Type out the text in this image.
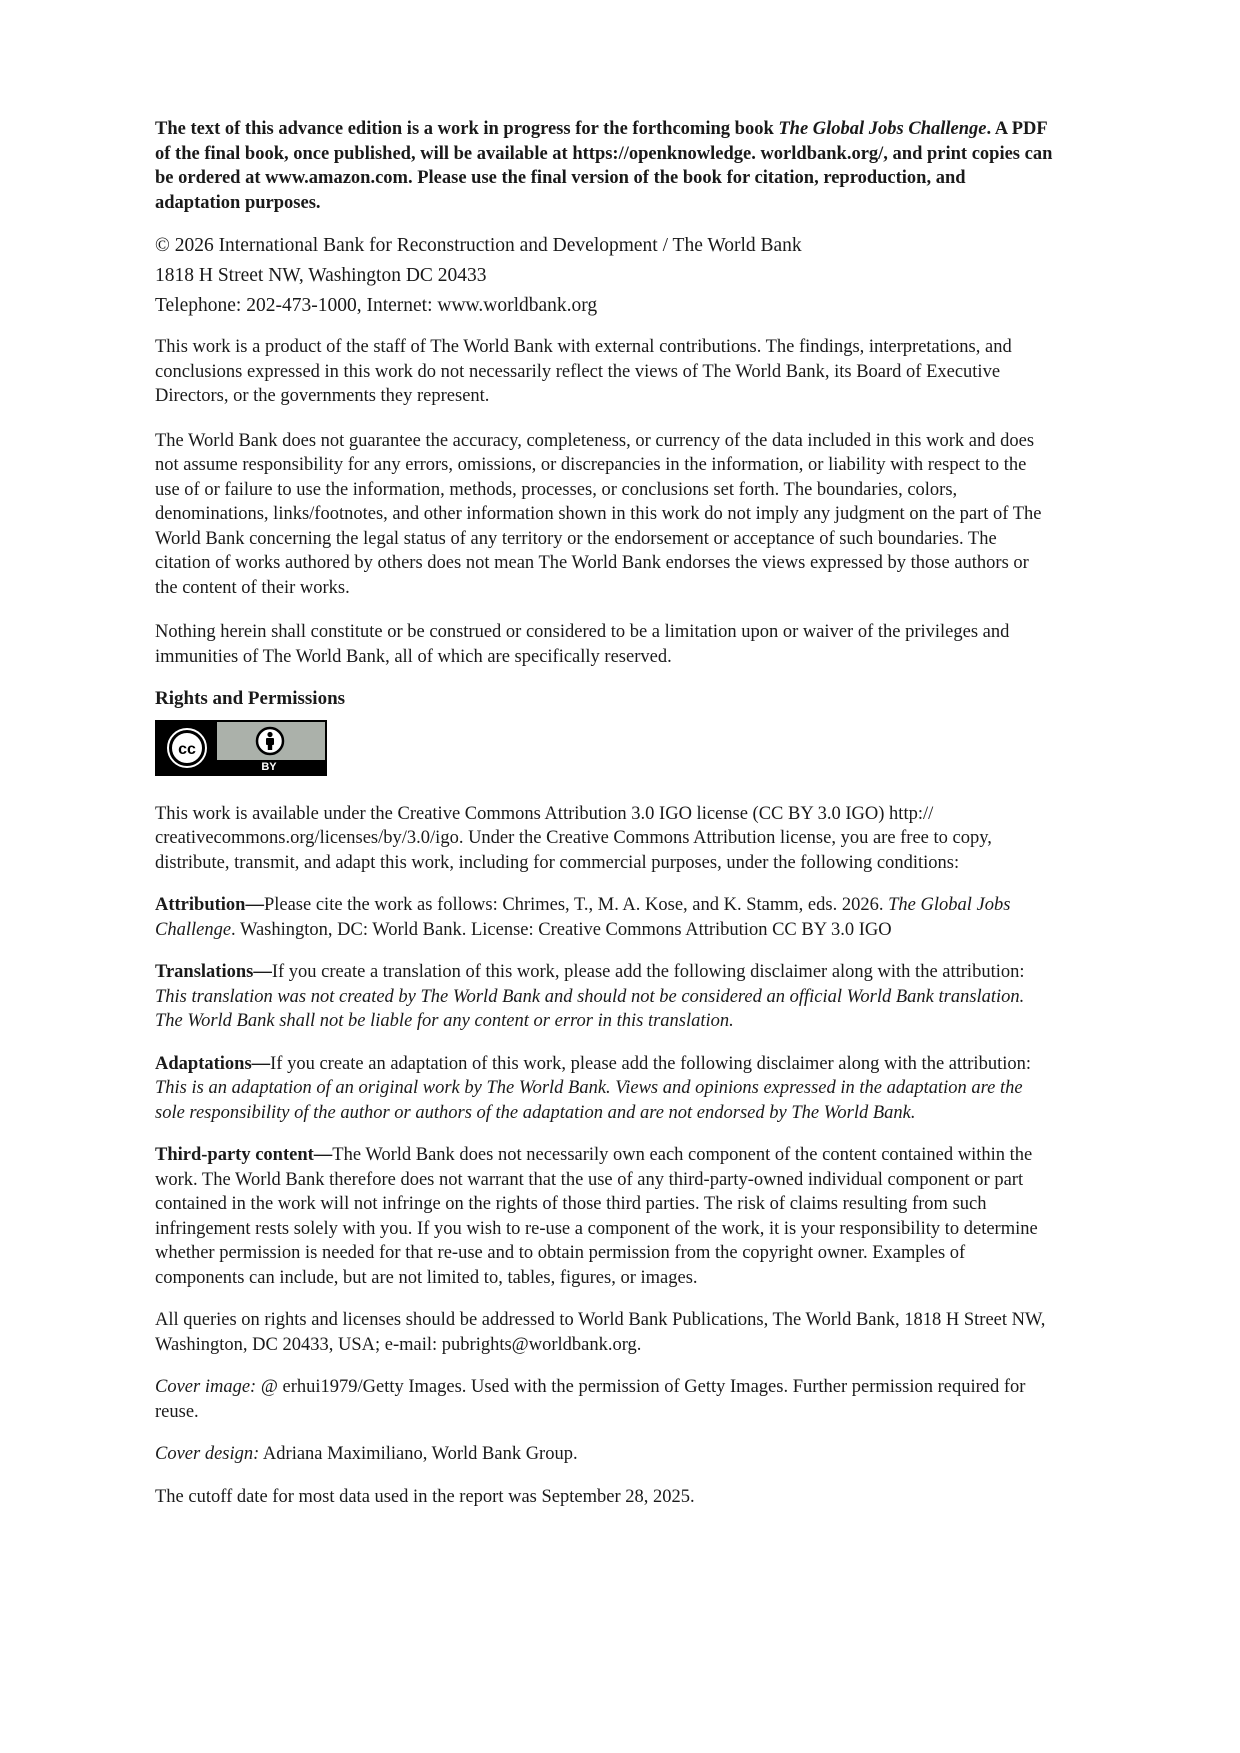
The text of this advance edition is a work in progress for the forthcoming book The Global Jobs Challenge. A PDF of the final book, once published, will be available at https://openknowledge. worldbank.org/, and print copies can be ordered at www.amazon.com. Please use the final version of the book for citation, reproduction, and adaptation purposes.

© 2026 International Bank for Reconstruction and Development / The World Bank
1818 H Street NW, Washington DC 20433
Telephone: 202-473-1000, Internet: www.worldbank.org

This work is a product of the staff of The World Bank with external contributions. The findings, interpretations, and conclusions expressed in this work do not necessarily reflect the views of The World Bank, its Board of Executive Directors, or the governments they represent.

The World Bank does not guarantee the accuracy, completeness, or currency of the data included in this work and does not assume responsibility for any errors, omissions, or discrepancies in the information, or liability with respect to the use of or failure to use the information, methods, processes, or conclusions set forth. The boundaries, colors, denominations, links/footnotes, and other information shown in this work do not imply any judgment on the part of The World Bank concerning the legal status of any territory or the endorsement or acceptance of such boundaries. The citation of works authored by others does not mean The World Bank endorses the views expressed by those authors or the content of their works.

Nothing herein shall constitute or be construed or considered to be a limitation upon or waiver of the privileges and immunities of The World Bank, all of which are specifically reserved.

Rights and Permissions

cc
BY

This work is available under the Creative Commons Attribution 3.0 IGO license (CC BY 3.0 IGO) http:// creativecommons.org/licenses/by/3.0/igo. Under the Creative Commons Attribution license, you are free to copy, distribute, transmit, and adapt this work, including for commercial purposes, under the following conditions:

Attribution—Please cite the work as follows: Chrimes, T., M. A. Kose, and K. Stamm, eds. 2026. The Global Jobs Challenge. Washington, DC: World Bank. License: Creative Commons Attribution CC BY 3.0 IGO

Translations—If you create a translation of this work, please add the following disclaimer along with the attribution: This translation was not created by The World Bank and should not be considered an official World Bank translation. The World Bank shall not be liable for any content or error in this translation.

Adaptations—If you create an adaptation of this work, please add the following disclaimer along with the attribution: This is an adaptation of an original work by The World Bank. Views and opinions expressed in the adaptation are the sole responsibility of the author or authors of the adaptation and are not endorsed by The World Bank.

Third-party content—The World Bank does not necessarily own each component of the content contained within the work. The World Bank therefore does not warrant that the use of any third-party-owned individual component or part contained in the work will not infringe on the rights of those third parties. The risk of claims resulting from such infringement rests solely with you. If you wish to re-use a component of the work, it is your responsibility to determine whether permission is needed for that re-use and to obtain permission from the copyright owner. Examples of components can include, but are not limited to, tables, figures, or images.

All queries on rights and licenses should be addressed to World Bank Publications, The World Bank, 1818 H Street NW, Washington, DC 20433, USA; e-mail: pubrights@worldbank.org.

Cover image: @ erhui1979/Getty Images. Used with the permission of Getty Images. Further permission required for reuse.

Cover design: Adriana Maximiliano, World Bank Group.

The cutoff date for most data used in the report was September 28, 2025.
